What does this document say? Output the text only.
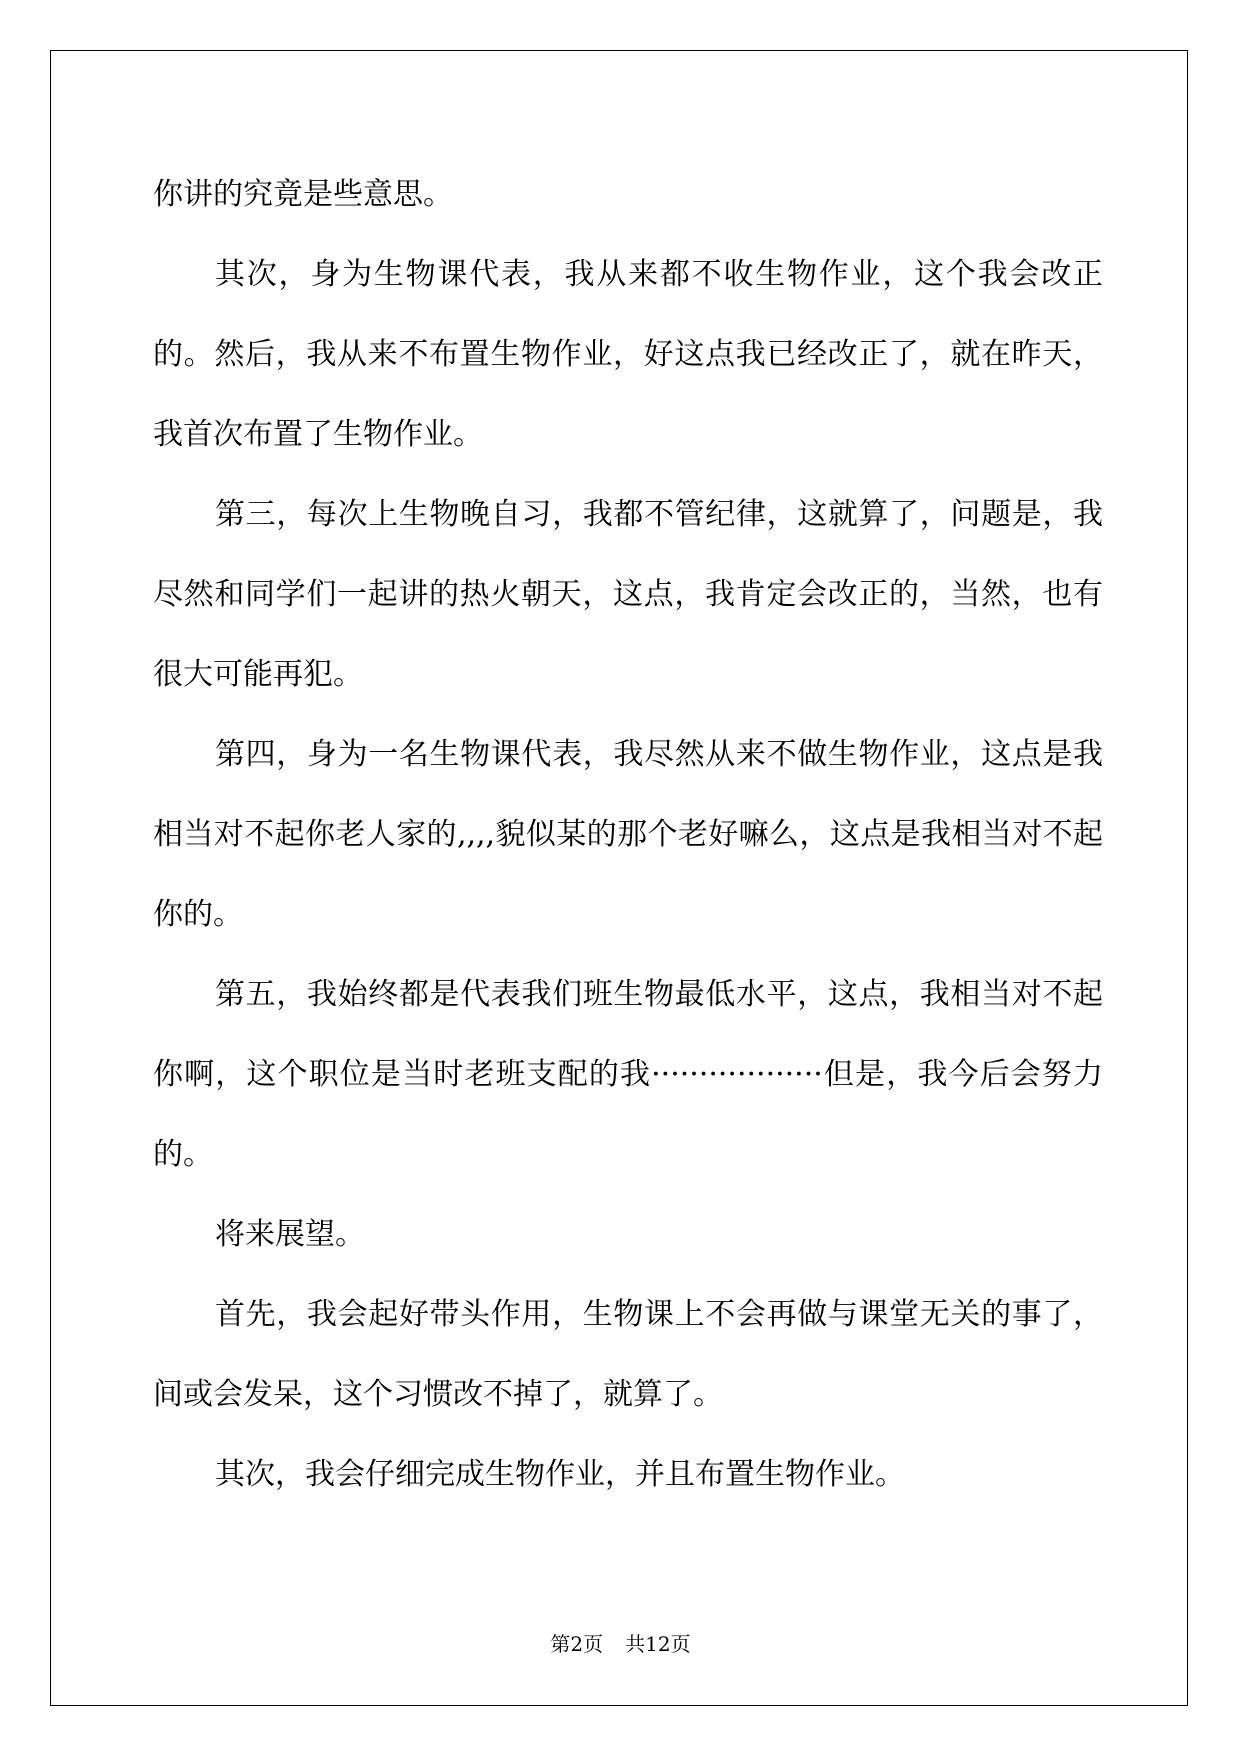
你讲的究竟是些意思。

其次，身为生物课代表，我从来都不收生物作业，这个我会改正的。然后，我从来不布置生物作业，好这点我已经改正了，就在昨天，我首次布置了生物作业。

第三，每次上生物晚自习，我都不管纪律，这就算了，问题是，我尽然和同学们一起讲的热火朝天，这点，我肯定会改正的，当然，也有很大可能再犯。

第四，身为一名生物课代表，我尽然从来不做生物作业，这点是我相当对不起你老人家的,,,,貌似某的那个老好嘛么，这点是我相当对不起你的。

第五，我始终都是代表我们班生物最低水平，这点，我相当对不起你啊，这个职位是当时老班支配的我··················但是，我今后会努力的。

将来展望。

首先，我会起好带头作用，生物课上不会再做与课堂无关的事了，间或会发呆，这个习惯改不掉了，就算了。

其次，我会仔细完成生物作业，并且布置生物作业。

第2页 共12页
